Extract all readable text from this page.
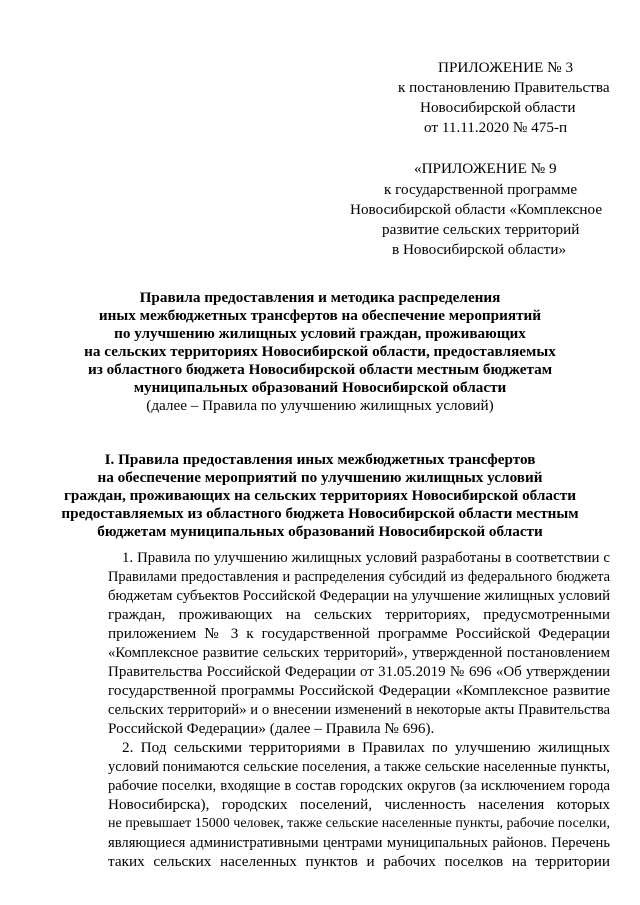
ПРИЛОЖЕНИЕ № 3
к постановлению Правительства
Новосибирской области
от 11.11.2020 № 475-п
«ПРИЛОЖЕНИЕ № 9
к государственной программе
Новосибирской области «Комплексное
развитие сельских территорий
в Новосибирской области»
Правила предоставления и методика распределения
иных межбюджетных трансфертов на обеспечение мероприятий
по улучшению жилищных условий граждан, проживающих
на сельских территориях Новосибирской области, предоставляемых
из областного бюджета Новосибирской области местным бюджетам
муниципальных образований Новосибирской области
(далее – Правила по улучшению жилищных условий)
I. Правила предоставления иных межбюджетных трансфертов
на обеспечение мероприятий по улучшению жилищных условий
граждан, проживающих на сельских территориях Новосибирской области
предоставляемых из областного бюджета Новосибирской области местным
бюджетам муниципальных образований Новосибирской области
1. Правила по улучшению жилищных условий разработаны в соответствии с
Правилами предоставления и распределения субсидий из федерального бюджета
бюджетам субъектов Российской Федерации на улучшение жилищных условий
граждан, проживающих на сельских территориях, предусмотренными
приложением № 3 к государственной программе Российской Федерации
«Комплексное развитие сельских территорий», утвержденной постановлением
Правительства Российской Федерации от 31.05.2019 № 696 «Об утверждении
государственной программы Российской Федерации «Комплексное развитие
сельских территорий» и о внесении изменений в некоторые акты Правительства
Российской Федерации» (далее – Правила № 696).
2. Под сельскими территориями в Правилах по улучшению жилищных
условий понимаются сельские поселения, а также сельские населенные пункты,
рабочие поселки, входящие в состав городских округов (за исключением города
Новосибирска), городских поселений, численность населения которых
не превышает 15000 человек, также сельские населенные пункты, рабочие поселки,
являющиеся административными центрами муниципальных районов. Перечень
таких сельских населенных пунктов и рабочих поселков на территории
